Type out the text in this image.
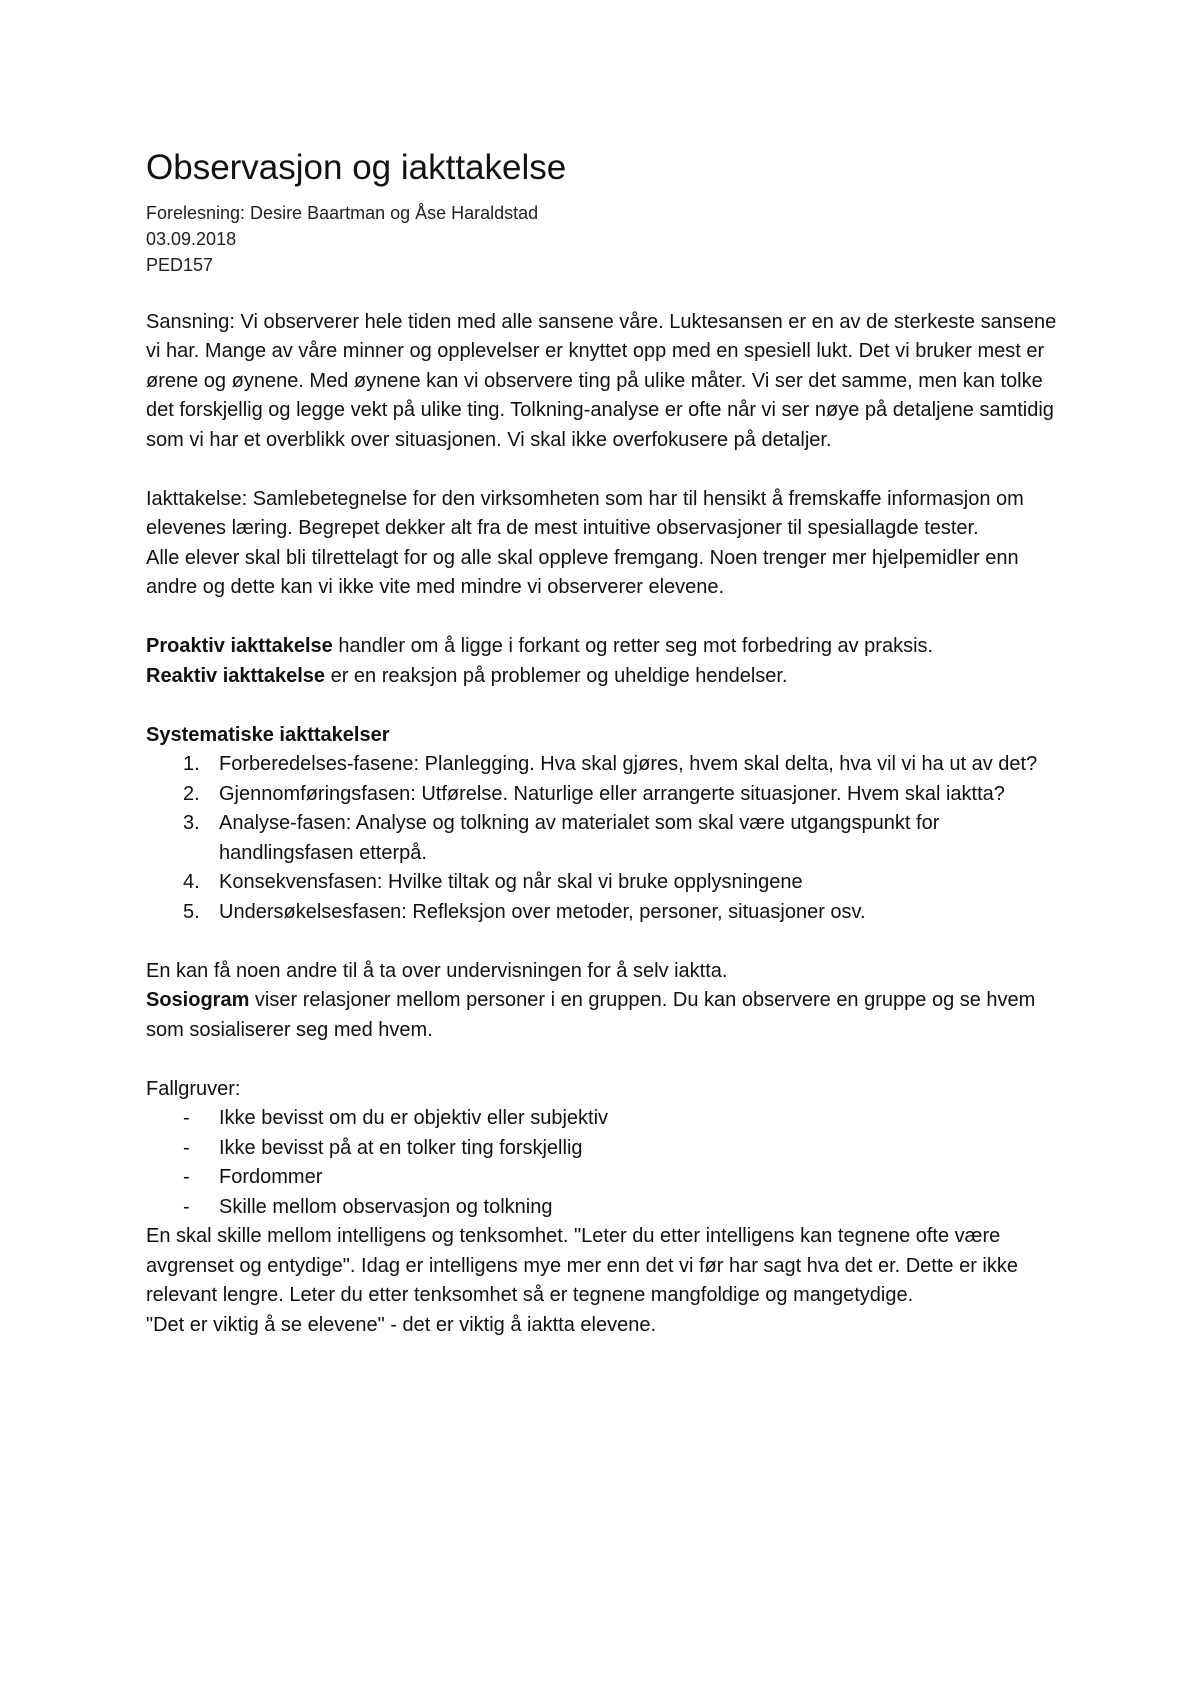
Observasjon og iakttakelse
Forelesning: Desire Baartman og Åse Haraldstad
03.09.2018
PED157

Sansning: Vi observerer hele tiden med alle sansene våre. Luktesansen er en av de sterkeste sansene vi har. Mange av våre minner og opplevelser er knyttet opp med en spesiell lukt. Det vi bruker mest er ørene og øynene. Med øynene kan vi observere ting på ulike måter. Vi ser det samme, men kan tolke det forskjellig og legge vekt på ulike ting. Tolkning-analyse er ofte når vi ser nøye på detaljene samtidig som vi har et overblikk over situasjonen. Vi skal ikke overfokusere på detaljer.

Iakttakelse: Samlebetegnelse for den virksomheten som har til hensikt å fremskaffe informasjon om elevenes læring. Begrepet dekker alt fra de mest intuitive observasjoner til spesiallagde tester.

Alle elever skal bli tilrettelagt for og alle skal oppleve fremgang. Noen trenger mer hjelpemidler enn andre og dette kan vi ikke vite med mindre vi observerer elevene.

Proaktiv iakttakelse handler om å ligge i forkant og retter seg mot forbedring av praksis.

Reaktiv iakttakelse er en reaksjon på problemer og uheldige hendelser.

Systematiske iakttakelser

1. Forberedelses-fasene: Planlegging. Hva skal gjøres, hvem skal delta, hva vil vi ha ut av det?
2. Gjennomføringsfasen: Utførelse. Naturlige eller arrangerte situasjoner. Hvem skal iaktta?
3. Analyse-fasen: Analyse og tolkning av materialet som skal være utgangspunkt for handlingsfasen etterpå.
4. Konsekvensfasen: Hvilke tiltak og når skal vi bruke opplysningene
5. Undersøkelsesfasen: Refleksjon over metoder, personer, situasjoner osv.

En kan få noen andre til å ta over undervisningen for å selv iaktta.

Sosiogram viser relasjoner mellom personer i en gruppen. Du kan observere en gruppe og se hvem som sosialiserer seg med hvem.

Fallgruver:

- Ikke bevisst om du er objektiv eller subjektiv
- Ikke bevisst på at en tolker ting forskjellig
- Fordommer
- Skille mellom observasjon og tolkning

En skal skille mellom intelligens og tenksomhet. "Leter du etter intelligens kan tegnene ofte være avgrenset og entydige". Idag er intelligens mye mer enn det vi før har sagt hva det er. Dette er ikke relevant lengre. Leter du etter tenksomhet så er tegnene mangfoldige og mangetydige.

"Det er viktig å se elevene" - det er viktig å iaktta elevene.
